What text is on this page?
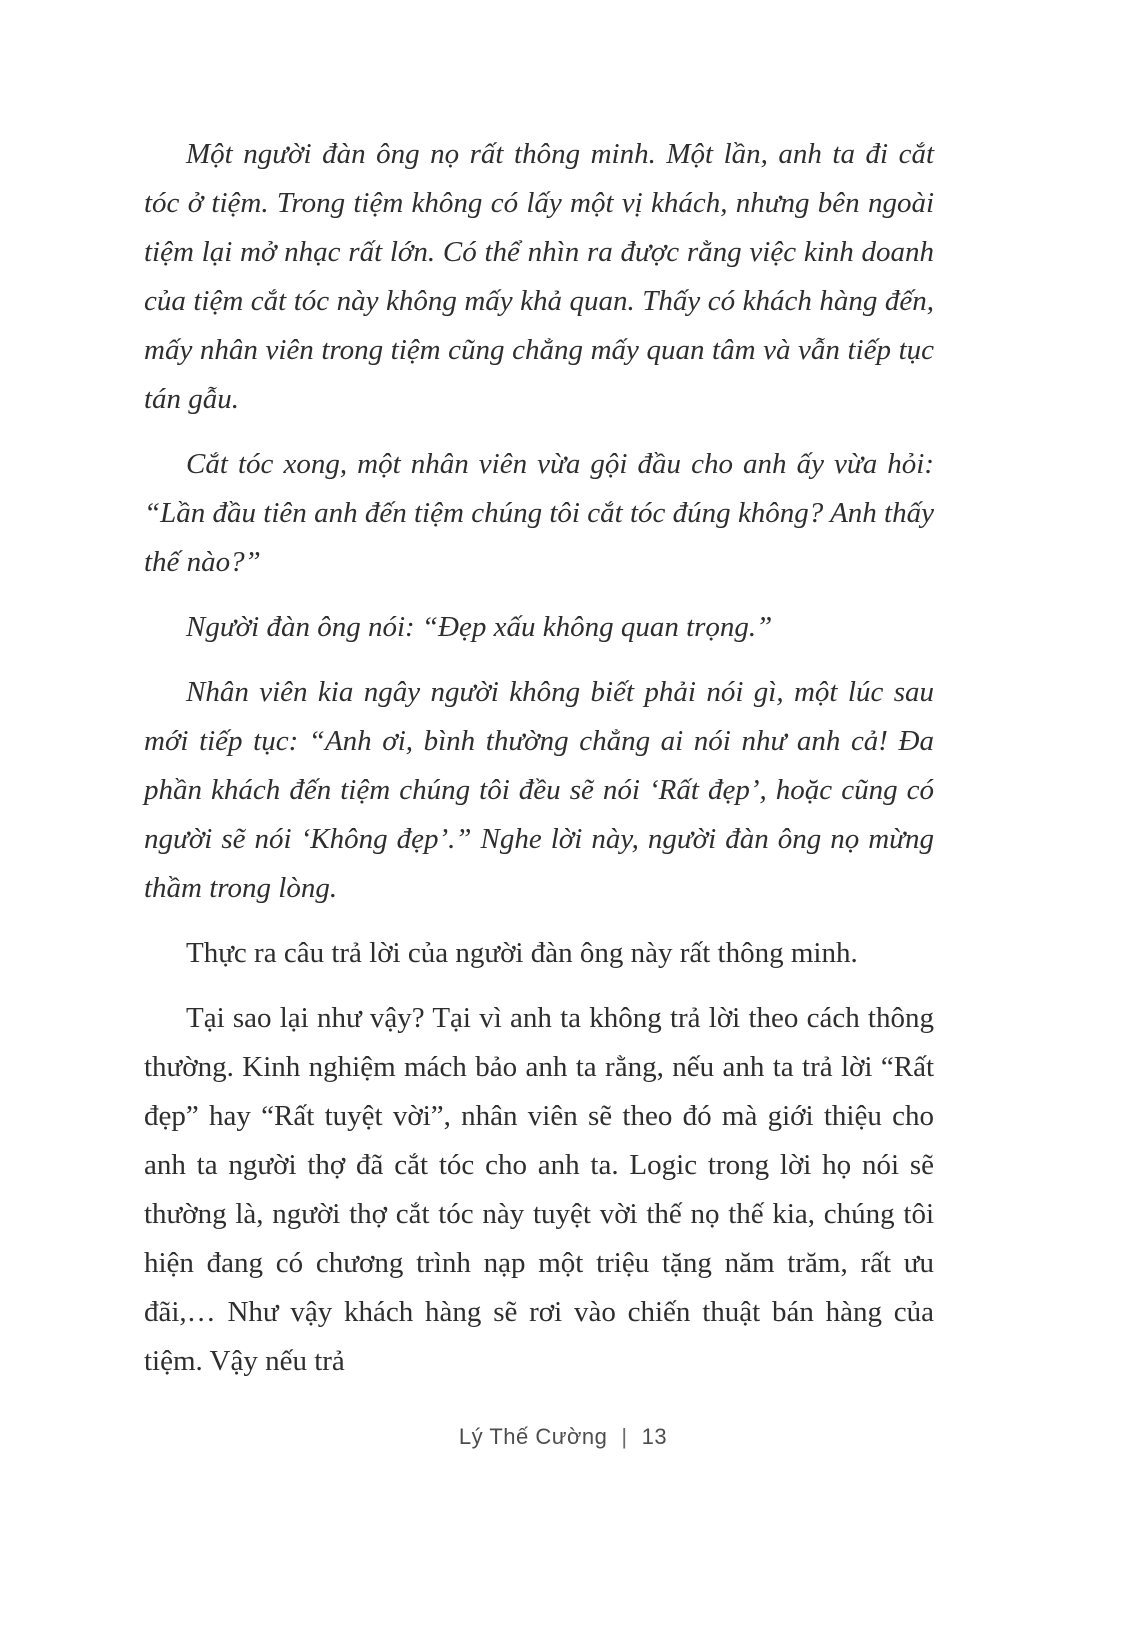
Một người đàn ông nọ rất thông minh. Một lần, anh ta đi cắt tóc ở tiệm. Trong tiệm không có lấy một vị khách, nhưng bên ngoài tiệm lại mở nhạc rất lớn. Có thể nhìn ra được rằng việc kinh doanh của tiệm cắt tóc này không mấy khả quan. Thấy có khách hàng đến, mấy nhân viên trong tiệm cũng chẳng mấy quan tâm và vẫn tiếp tục tán gẫu.

Cắt tóc xong, một nhân viên vừa gội đầu cho anh ấy vừa hỏi: “Lần đầu tiên anh đến tiệm chúng tôi cắt tóc đúng không? Anh thấy thế nào?”

Người đàn ông nói: “Đẹp xấu không quan trọng.”

Nhân viên kia ngây người không biết phải nói gì, một lúc sau mới tiếp tục: “Anh ơi, bình thường chẳng ai nói như anh cả! Đa phần khách đến tiệm chúng tôi đều sẽ nói ‘Rất đẹp’, hoặc cũng có người sẽ nói ‘Không đẹp’.” Nghe lời này, người đàn ông nọ mừng thầm trong lòng.

Thực ra câu trả lời của người đàn ông này rất thông minh.

Tại sao lại như vậy? Tại vì anh ta không trả lời theo cách thông thường. Kinh nghiệm mách bảo anh ta rằng, nếu anh ta trả lời “Rất đẹp” hay “Rất tuyệt vời”, nhân viên sẽ theo đó mà giới thiệu cho anh ta người thợ đã cắt tóc cho anh ta. Logic trong lời họ nói sẽ thường là, người thợ cắt tóc này tuyệt vời thế nọ thế kia, chúng tôi hiện đang có chương trình nạp một triệu tặng năm trăm, rất ưu đãi,… Như vậy khách hàng sẽ rơi vào chiến thuật bán hàng của tiệm. Vậy nếu trả

Lý Thế Cường | 13
